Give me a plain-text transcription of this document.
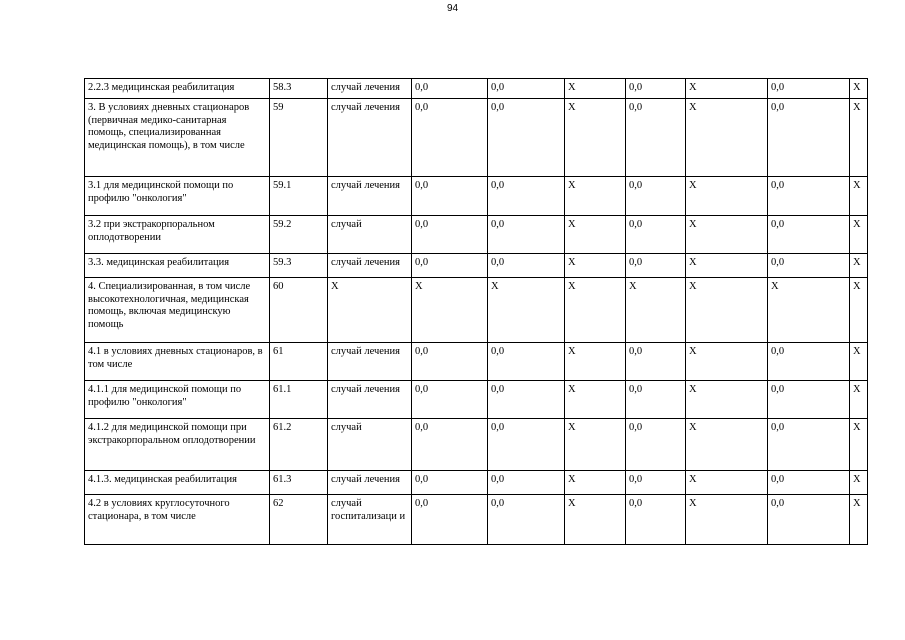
94
2.2.3 медицинская реабилитация	58.3	случай лечения	0,0	0,0	X	0,0	X	0,0	X
3. В условиях дневных стационаров (первичная медико-санитарная помощь, специализированная медицинская помощь), в том числе	59	случай лечения	0,0	0,0	X	0,0	X	0,0	X
3.1 для медицинской помощи по профилю "онкология"	59.1	случай лечения	0,0	0,0	X	0,0	X	0,0	X
3.2 при экстракорпоральном оплодотворении	59.2	случай	0,0	0,0	X	0,0	X	0,0	X
3.3. медицинская реабилитация	59.3	случай лечения	0,0	0,0	X	0,0	X	0,0	X
4. Специализированная, в том числе высокотехнологичная, медицинская помощь, включая медицинскую помощь	60	X	X	X	X	X	X	X	X
4.1 в условиях дневных стационаров, в том числе	61	случай лечения	0,0	0,0	X	0,0	X	0,0	X
4.1.1 для медицинской помощи по профилю "онкология"	61.1	случай лечения	0,0	0,0	X	0,0	X	0,0	X
4.1.2 для медицинской помощи при экстракорпоральном оплодотворении	61.2	случай	0,0	0,0	X	0,0	X	0,0	X
4.1.3. медицинская реабилитация	61.3	случай лечения	0,0	0,0	X	0,0	X	0,0	X
4.2 в условиях круглосуточного стационара, в том числе	62	случай госпитализаци и	0,0	0,0	X	0,0	X	0,0	X
